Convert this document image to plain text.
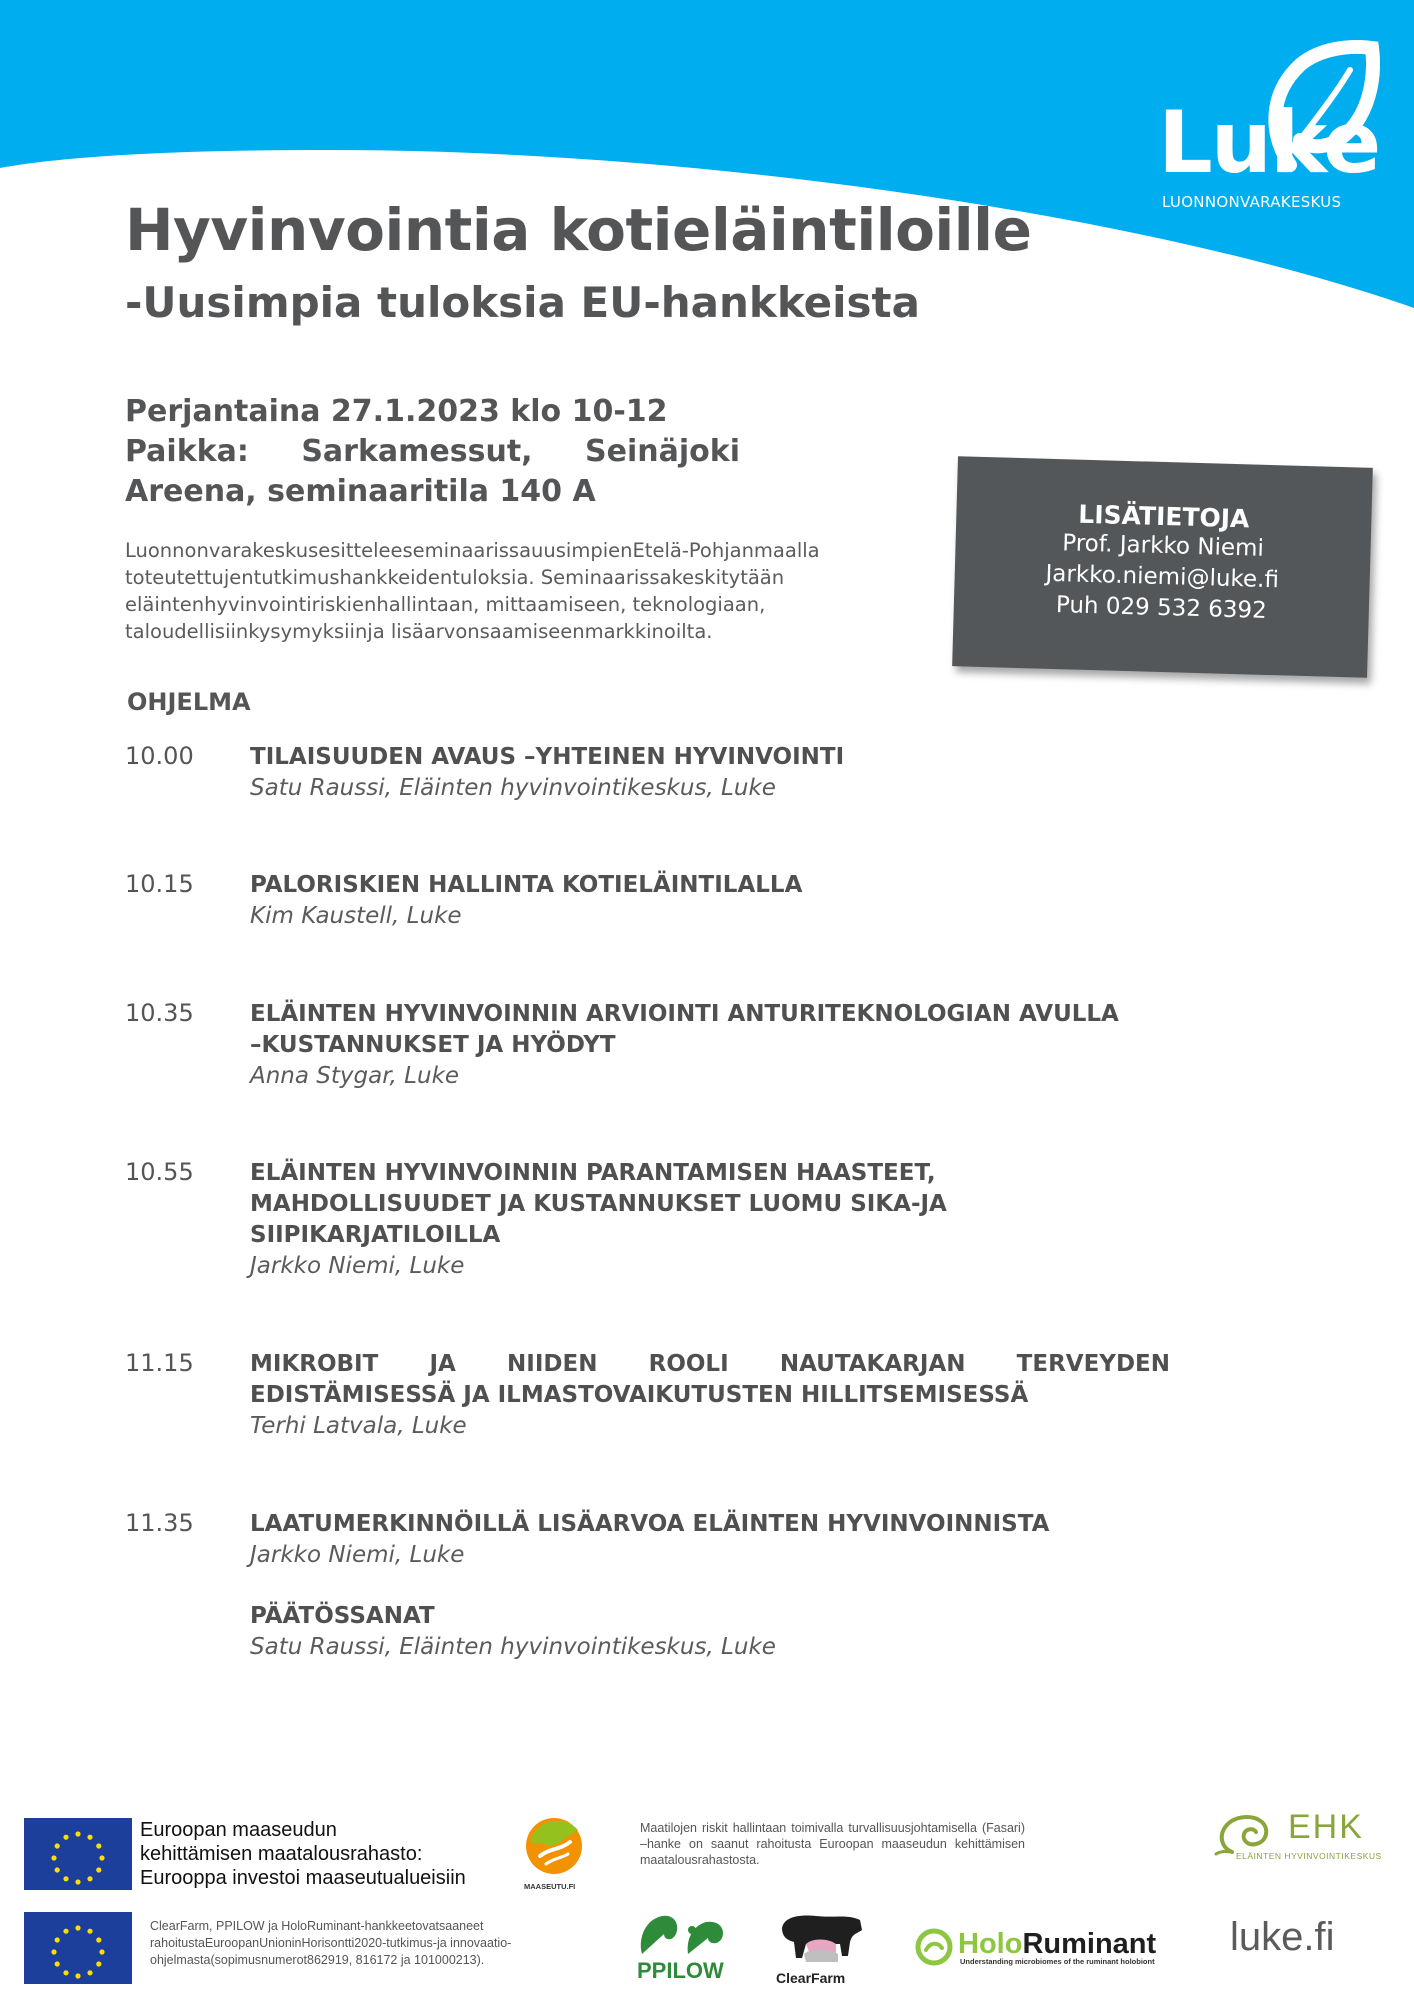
Luke
LUONNONVARAKESKUS
Hyvinvointia kotieläintiloille
-Uusimpia tuloksia EU-hankkeista
Perjantaina 27.1.2023 klo 10-12
Paikka: Sarkamessut, Seinäjoki
Areena, seminaaritila 140 A
LuonnonvarakeskusesitteleeseminaarissauusimpienEtelä-Pohjanmaalla
toteutettujentutkimushankkeidentuloksia. Seminaarissakeskitytään
eläintenhyvinvointiriskienhallintaan, mittaamiseen, teknologiaan,
taloudellisiinkysymyksiinja lisäarvonsaamiseenmarkkinoilta.
LISÄTIETOJA
Prof. Jarkko Niemi
Jarkko.niemi@luke.fi
Puh 029 532 6392
OHJELMA
10.00 TILAISUUDEN AVAUS –YHTEINEN HYVINVOINTI
Satu Raussi, Eläinten hyvinvointikeskus, Luke
10.15 PALORISKIEN HALLINTA KOTIELÄINTILALLA
Kim Kaustell, Luke
10.35 ELÄINTEN HYVINVOINNIN ARVIOINTI ANTURITEKNOLOGIAN AVULLA
–KUSTANNUKSET JA HYÖDYT
Anna Stygar, Luke
10.55 ELÄINTEN HYVINVOINNIN PARANTAMISEN HAASTEET,
MAHDOLLISUUDET JA KUSTANNUKSET LUOMU SIKA-JA
SIIPIKARJATILOILLA
Jarkko Niemi, Luke
11.15 MIKROBIT JA NIIDEN ROOLI NAUTAKARJAN TERVEYDEN
EDISTÄMISESSÄ JA ILMASTOVAIKUTUSTEN HILLITSEMISESSÄ
Terhi Latvala, Luke
11.35 LAATUMERKINNÖILLÄ LISÄARVOA ELÄINTEN HYVINVOINNISTA
Jarkko Niemi, Luke
PÄÄTÖSSANAT
Satu Raussi, Eläinten hyvinvointikeskus, Luke
Euroopan maaseudun
kehittämisen maatalousrahasto:
Eurooppa investoi maaseutualueisiin	MAASEUTU.FI
Maatilojen riskit hallintaan toimivalla turvallisuusjohtamisella (Fasari) –hanke on saanut rahoitusta Euroopan maaseudun kehittämisen maatalousrahastosta.
EHK
ELÄINTEN HYVINVOINTIKESKUS
ClearFarm, PPILOW ja HoloRuminant-hankkeetovatsaaneet
rahoitustaEuroopanUnioninHorisontti2020-tutkimus-ja innovaatio-
ohjelmasta(sopimusnumerot862919, 816172 ja 101000213).	PPILOW	ClearFarm
HoloRuminant
Understanding microbiomes of the ruminant holobiont
luke.fi
